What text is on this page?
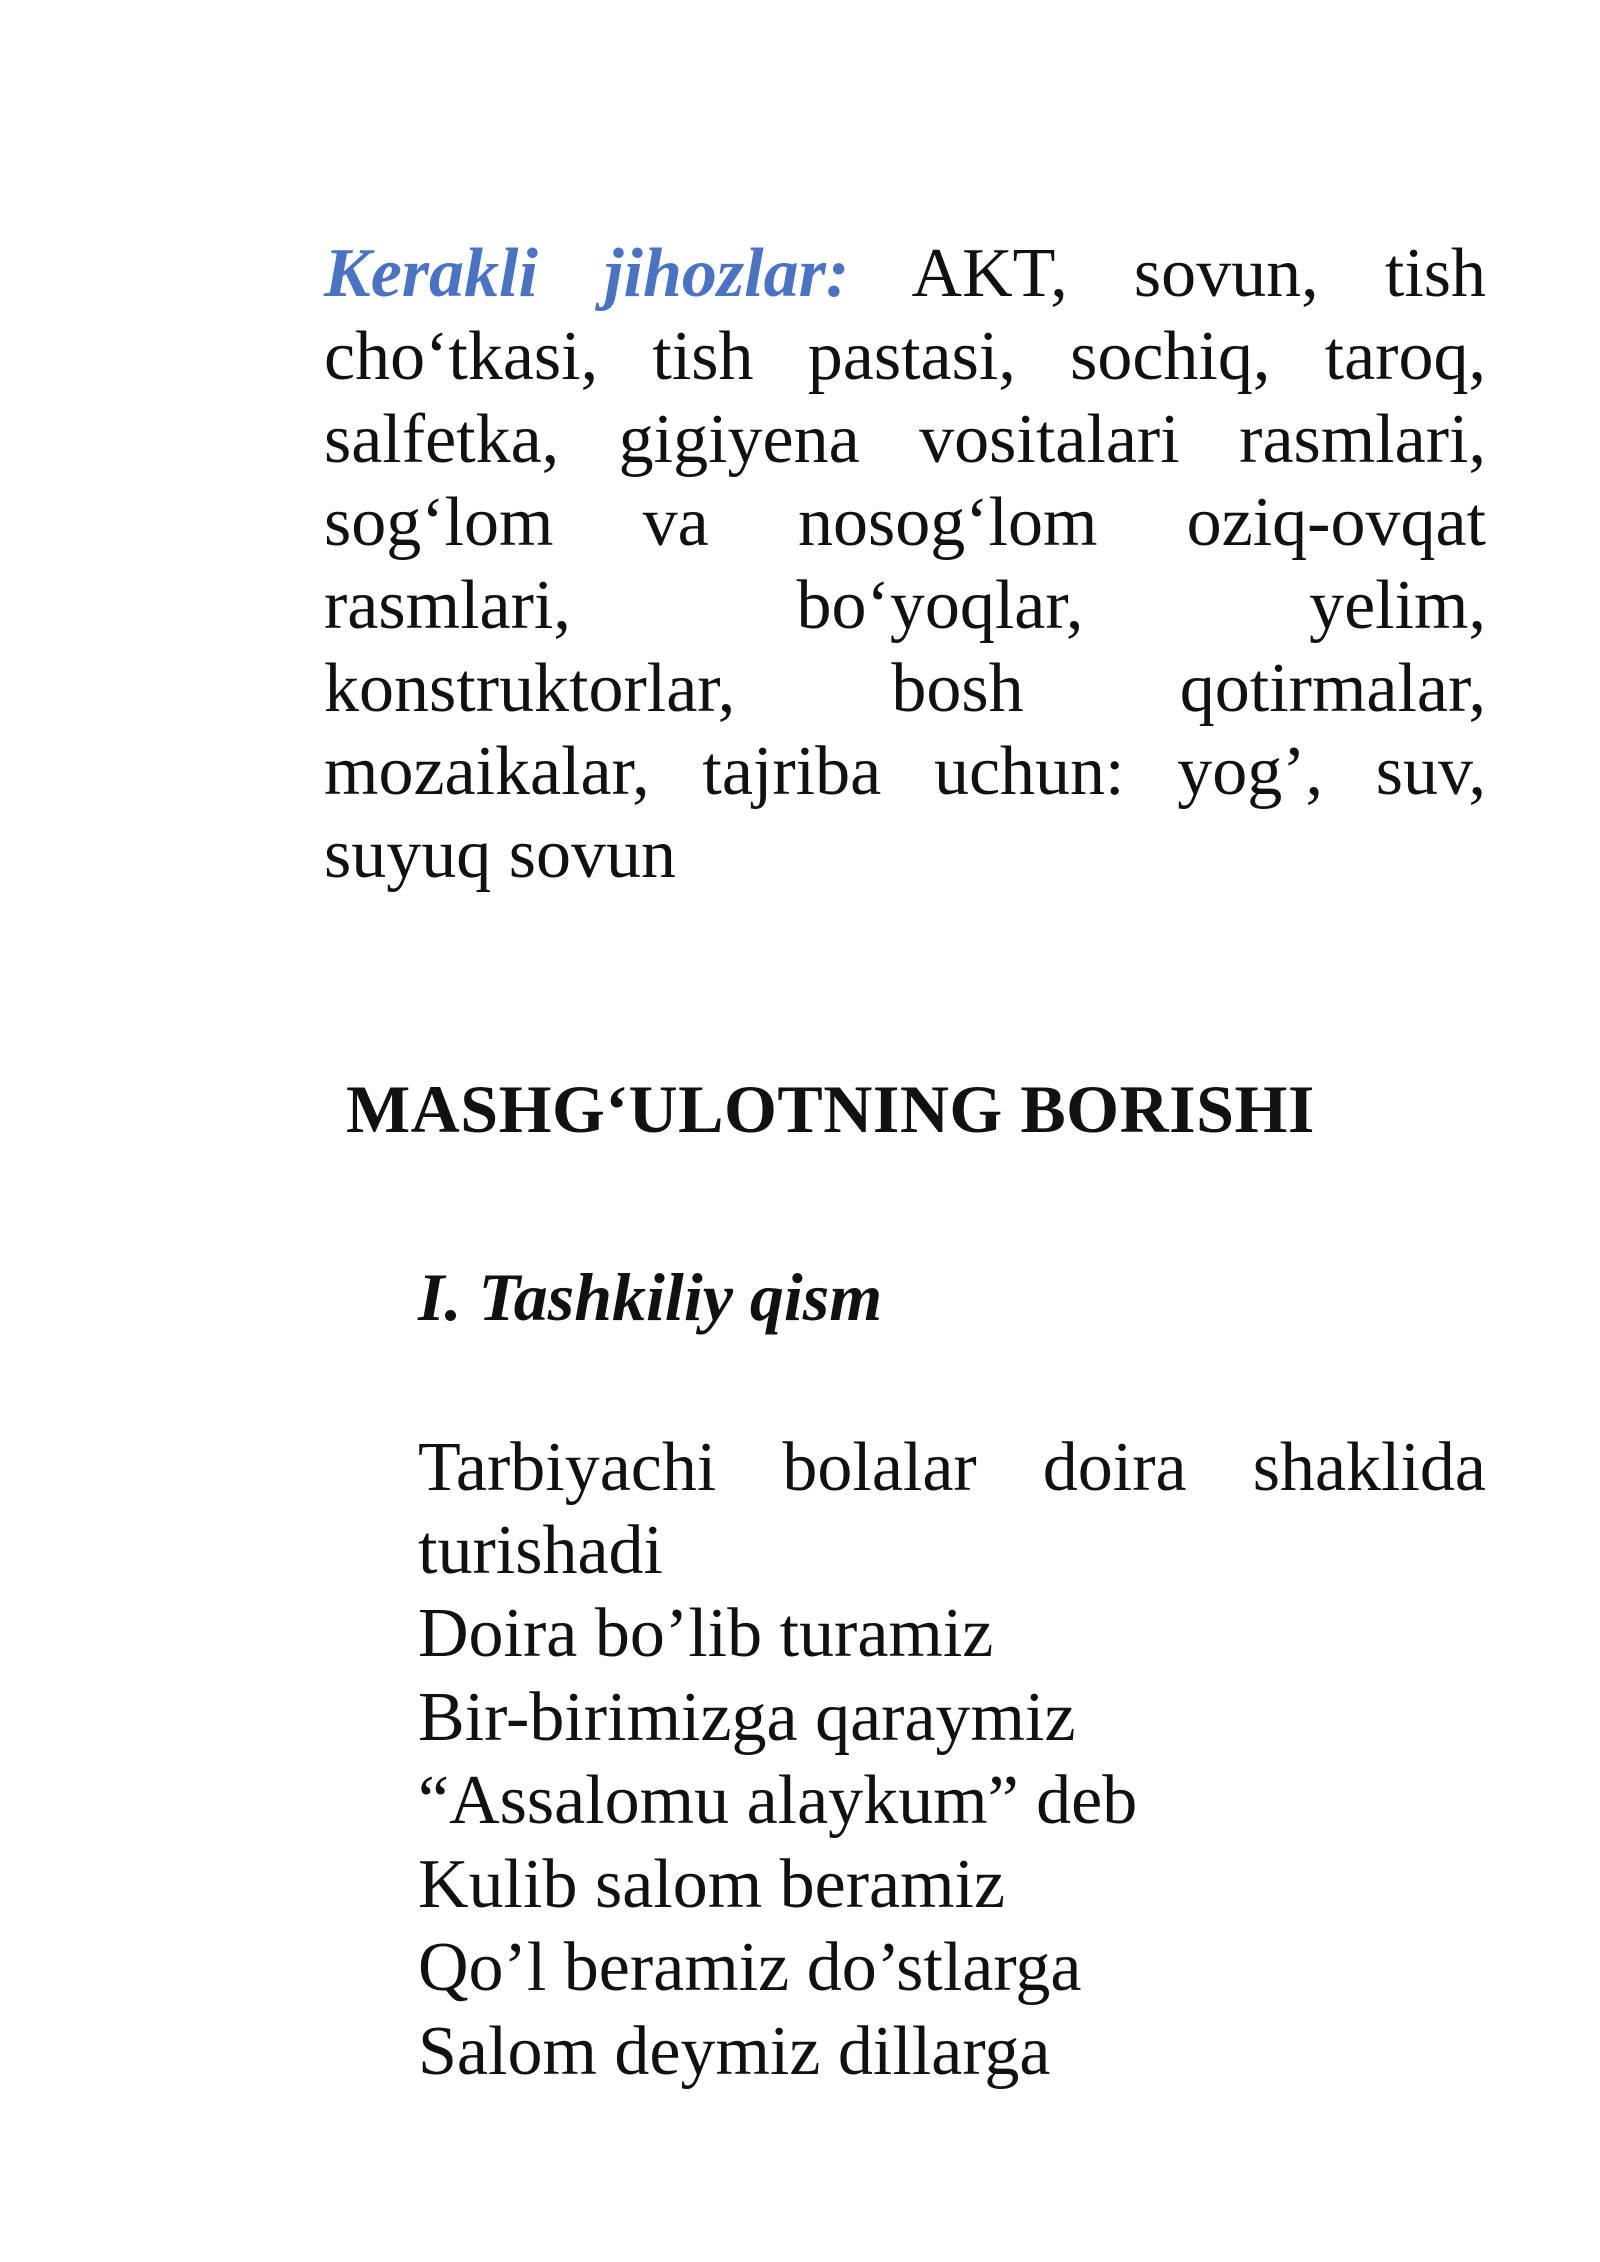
Kerakli jihozlar: AKT, sovun, tish cho‘tkasi, tish pastasi, sochiq, taroq, salfetka, gigiyena vositalari rasmlari, sog‘lom va nosog‘lom oziq-ovqat rasmlari, bo‘yoqlar, yelim, konstruktorlar, bosh qotirmalar, mozaikalar, tajriba uchun: yog’, suv, suyuq sovun

MASHG‘ULOTNING BORISHI
I. Tashkiliy qism

Tarbiyachi bolalar doira shaklida turishadi

Doira bo’lib turamiz
Bir-birimizga qaraymiz
“Assalomu alaykum” deb
Kulib salom beramiz
Qo’l beramiz do’stlarga
Salom deymiz dillarga
